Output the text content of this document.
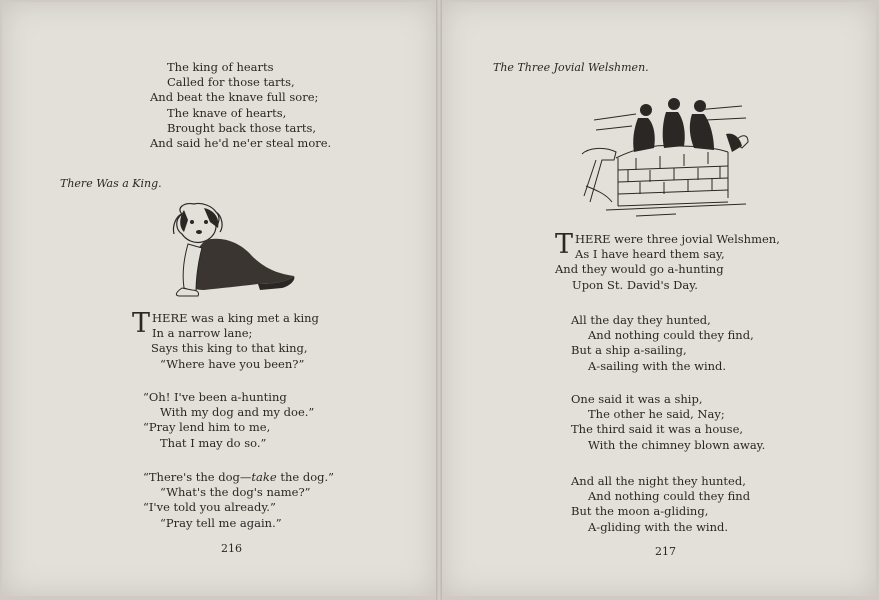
The king of hearts
Called for those tarts,
And beat the knave full sore;
The knave of hearts,
Brought back those tarts,
And said he'd ne'er steal more.
There Was a King.
THERE was a king met a king
In a narrow lane;
Says this king to that king,
“Where have you been?”
“Oh! I've been a-hunting
With my dog and my doe.”
“Pray lend him to me,
That I may do so.”
“There's the dog—take the dog.”
“What's the dog's name?”
“I've told you already.”
“Pray tell me again.”
216
The Three Jovial Welshmen.
THERE were three jovial Welshmen,
As I have heard them say,
And they would go a-hunting
Upon St. David's Day.
All the day they hunted,
And nothing could they find,
But a ship a-sailing,
A-sailing with the wind.
One said it was a ship,
The other he said, Nay;
The third said it was a house,
With the chimney blown away.
And all the night they hunted,
And nothing could they find
But the moon a-gliding,
A-gliding with the wind.
217
